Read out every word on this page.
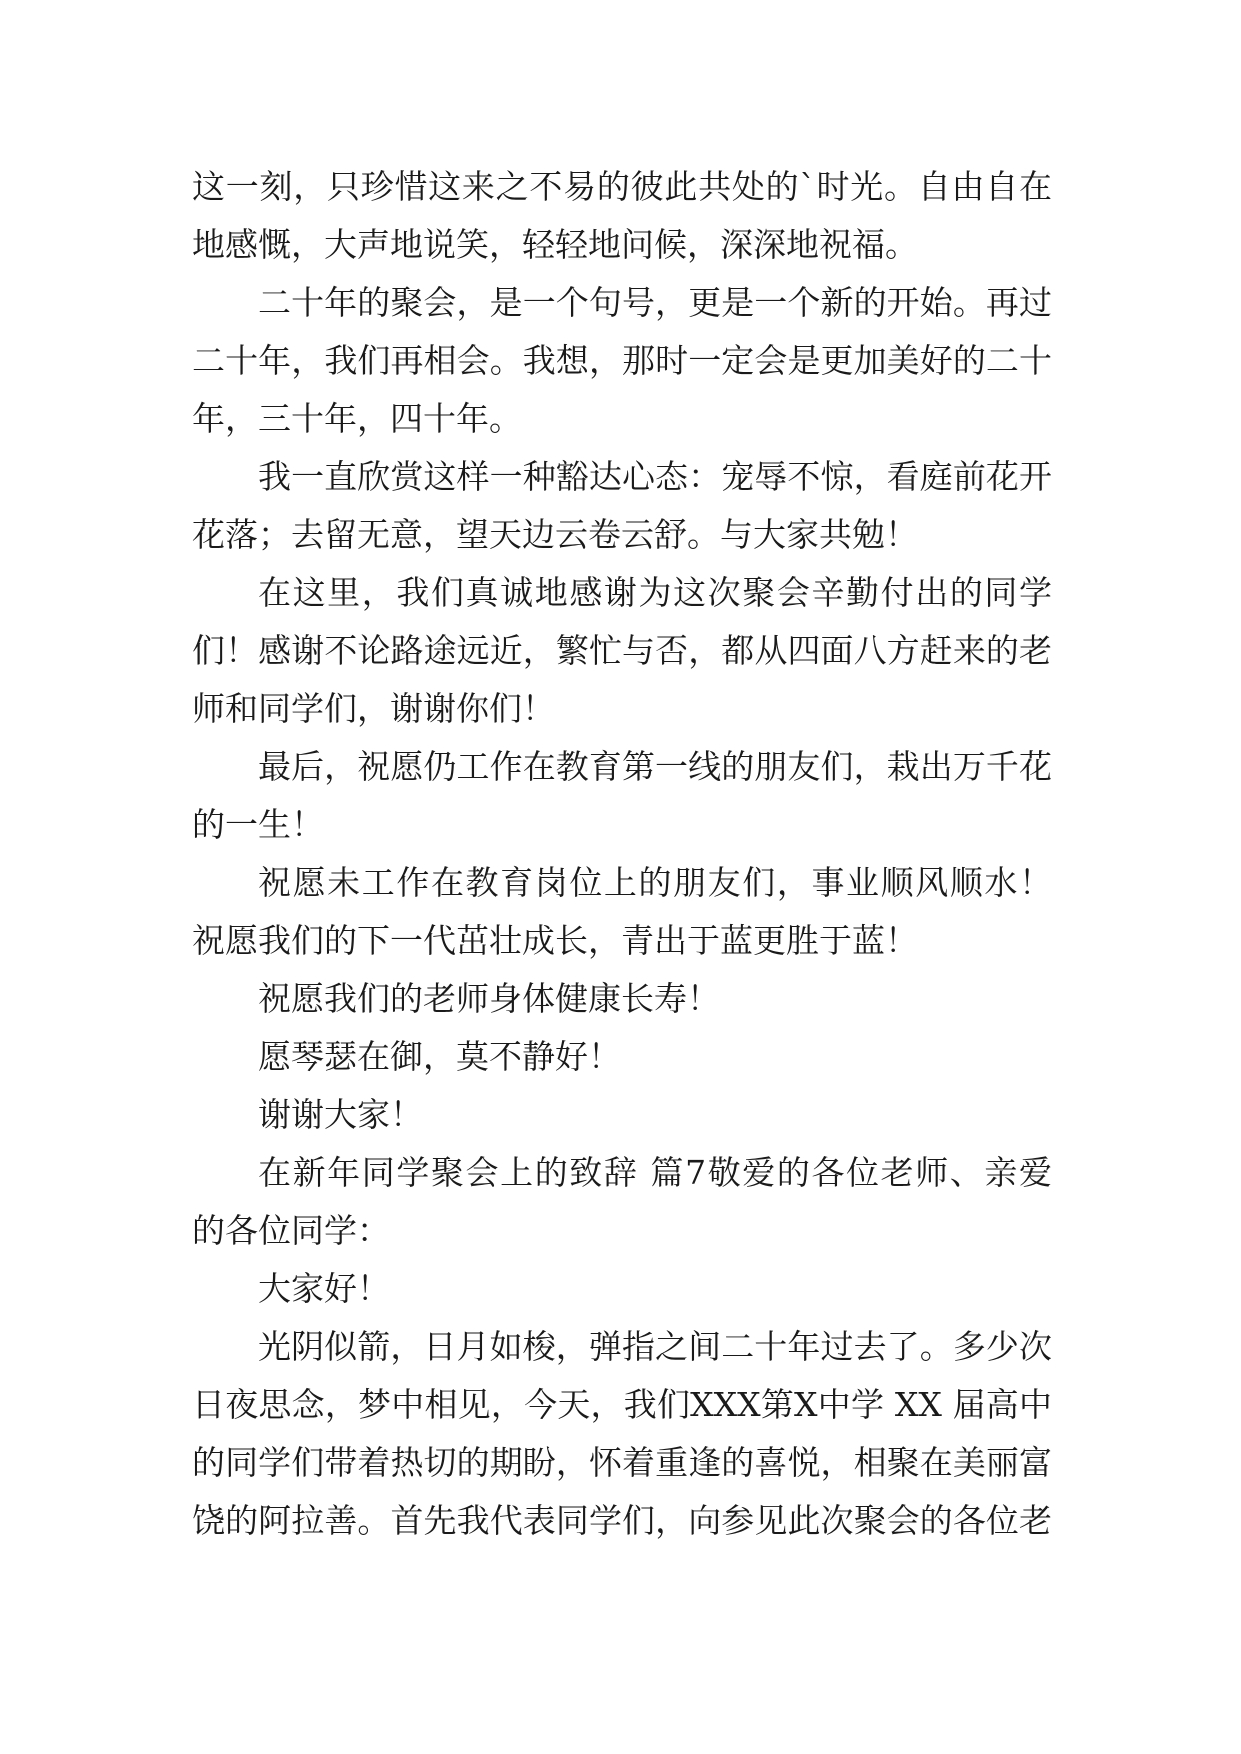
这一刻，只珍惜这来之不易的彼此共处的`时光。自由自在
地感慨，大声地说笑，轻轻地问候，深深地祝福。
二十年的聚会，是一个句号，更是一个新的开始。再过
二十年，我们再相会。我想，那时一定会是更加美好的二十
年，三十年，四十年。
我一直欣赏这样一种豁达心态：宠辱不惊，看庭前花开
花落；去留无意，望天边云卷云舒。与大家共勉！
在这里，我们真诚地感谢为这次聚会辛勤付出的同学
们！感谢不论路途远近，繁忙与否，都从四面八方赶来的老
师和同学们，谢谢你们！
最后，祝愿仍工作在教育第一线的朋友们，栽出万千花
的一生！
祝愿未工作在教育岗位上的朋友们，事业顺风顺水！
祝愿我们的下一代茁壮成长，青出于蓝更胜于蓝！
祝愿我们的老师身体健康长寿！
愿琴瑟在御，莫不静好！
谢谢大家！
在新年同学聚会上的致辞 篇7敬爱的各位老师、亲爱
的各位同学：
大家好！
光阴似箭，日月如梭，弹指之间二十年过去了。多少次
日夜思念，梦中相见，今天，我们XXX第X中学 XX 届高中
的同学们带着热切的期盼，怀着重逢的喜悦，相聚在美丽富
饶的阿拉善。首先我代表同学们，向参见此次聚会的各位老
